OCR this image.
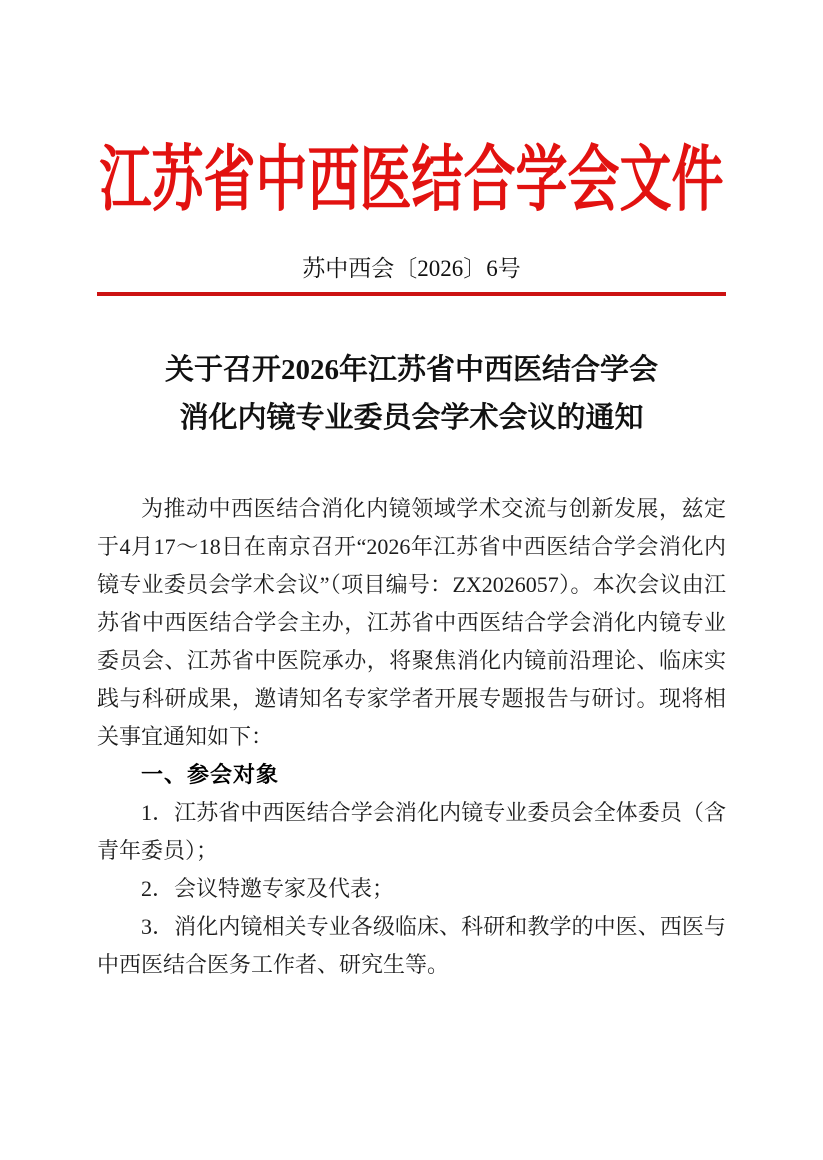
江苏省中西医结合学会文件
苏中西会〔2026〕6号
关于召开2026年江苏省中西医结合学会
消化内镜专业委员会学术会议的通知

为推动中西医结合消化内镜领域学术交流与创新发展，兹定于4月17～18日在南京召开“2026年江苏省中西医结合学会消化内镜专业委员会学术会议”（项目编号：ZX2026057）。本次会议由江苏省中西医结合学会主办，江苏省中西医结合学会消化内镜专业委员会、江苏省中医院承办，将聚焦消化内镜前沿理论、临床实践与科研成果，邀请知名专家学者开展专题报告与研讨。现将相关事宜通知如下：

一、参会对象

1．江苏省中西医结合学会消化内镜专业委员会全体委员（含青年委员）；

2．会议特邀专家及代表；

3．消化内镜相关专业各级临床、科研和教学的中医、西医与中西医结合医务工作者、研究生等。
